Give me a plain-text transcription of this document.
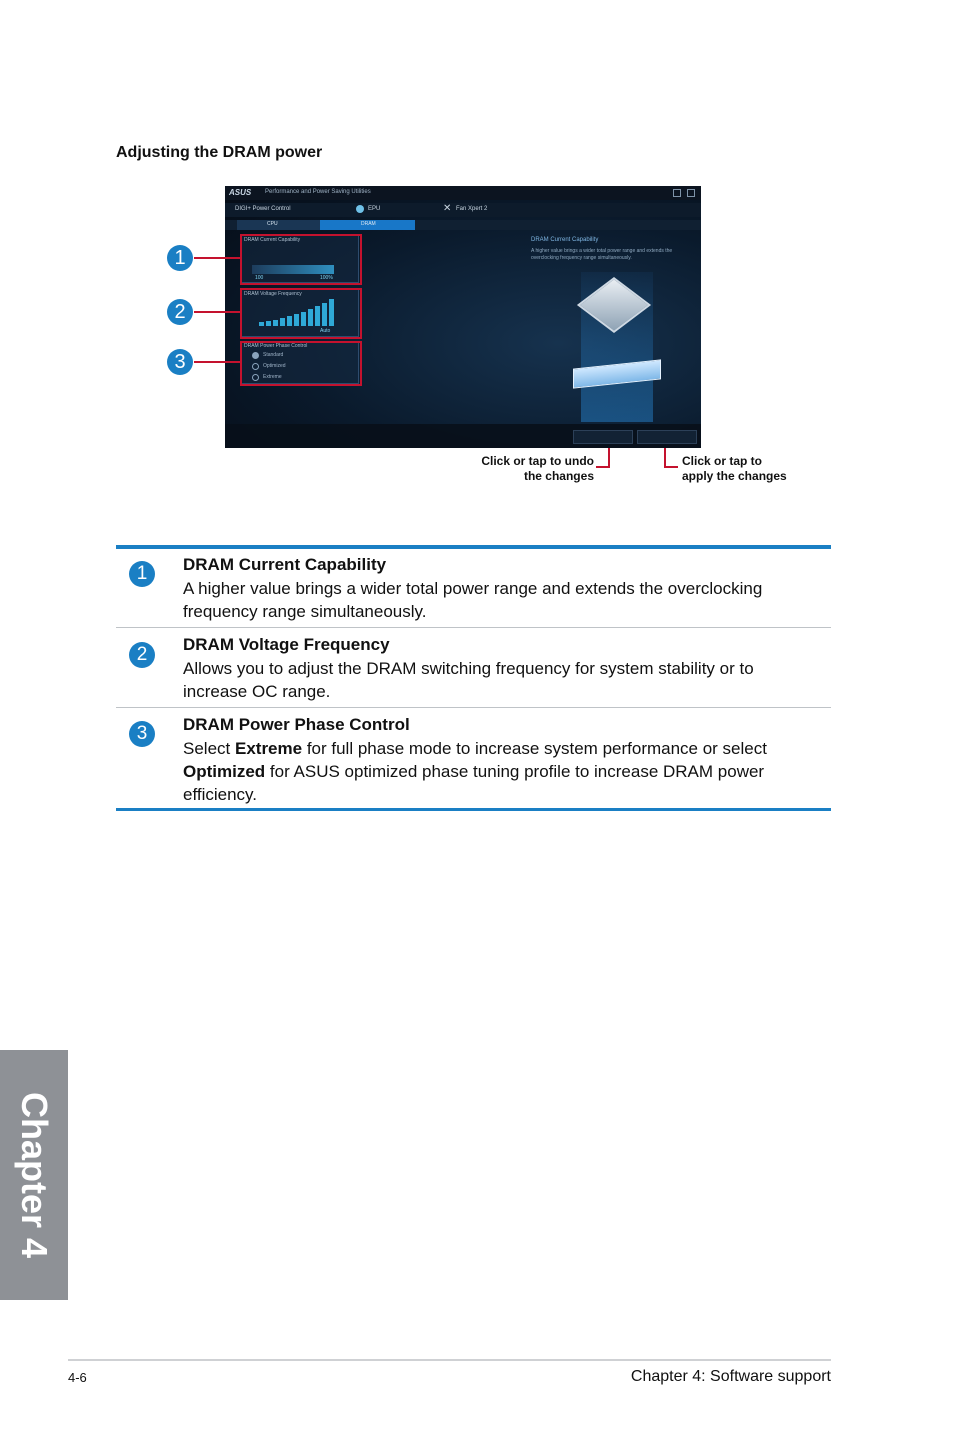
Adjusting the DRAM power
ASUS Performance and Power Saving Utilities
DIGI+ Power Control	EPU	✕ Fan Xpert 2
CPU	DRAM
DRAM Current Capability
100	100%
DRAM Voltage Frequency
Auto
DRAM Power Phase Control
Standard
Optimized
Extreme
DRAM Current Capability
A higher value brings a wider total power range and extends the overclocking frequency range simultaneously.
1
2
3
Click or tap to undo
the changes
Click or tap to
apply the changes
1	DRAM Current Capability
A higher value brings a wider total power range and extends the overclocking
frequency range simultaneously.
2	DRAM Voltage Frequency
Allows you to adjust the DRAM switching frequency for system stability or to
increase OC range.
3	DRAM Power Phase Control
Select Extreme for full phase mode to increase system performance or select
Optimized for ASUS optimized phase tuning profile to increase DRAM power
efficiency.
Chapter 4
4-6	Chapter 4: Software support
